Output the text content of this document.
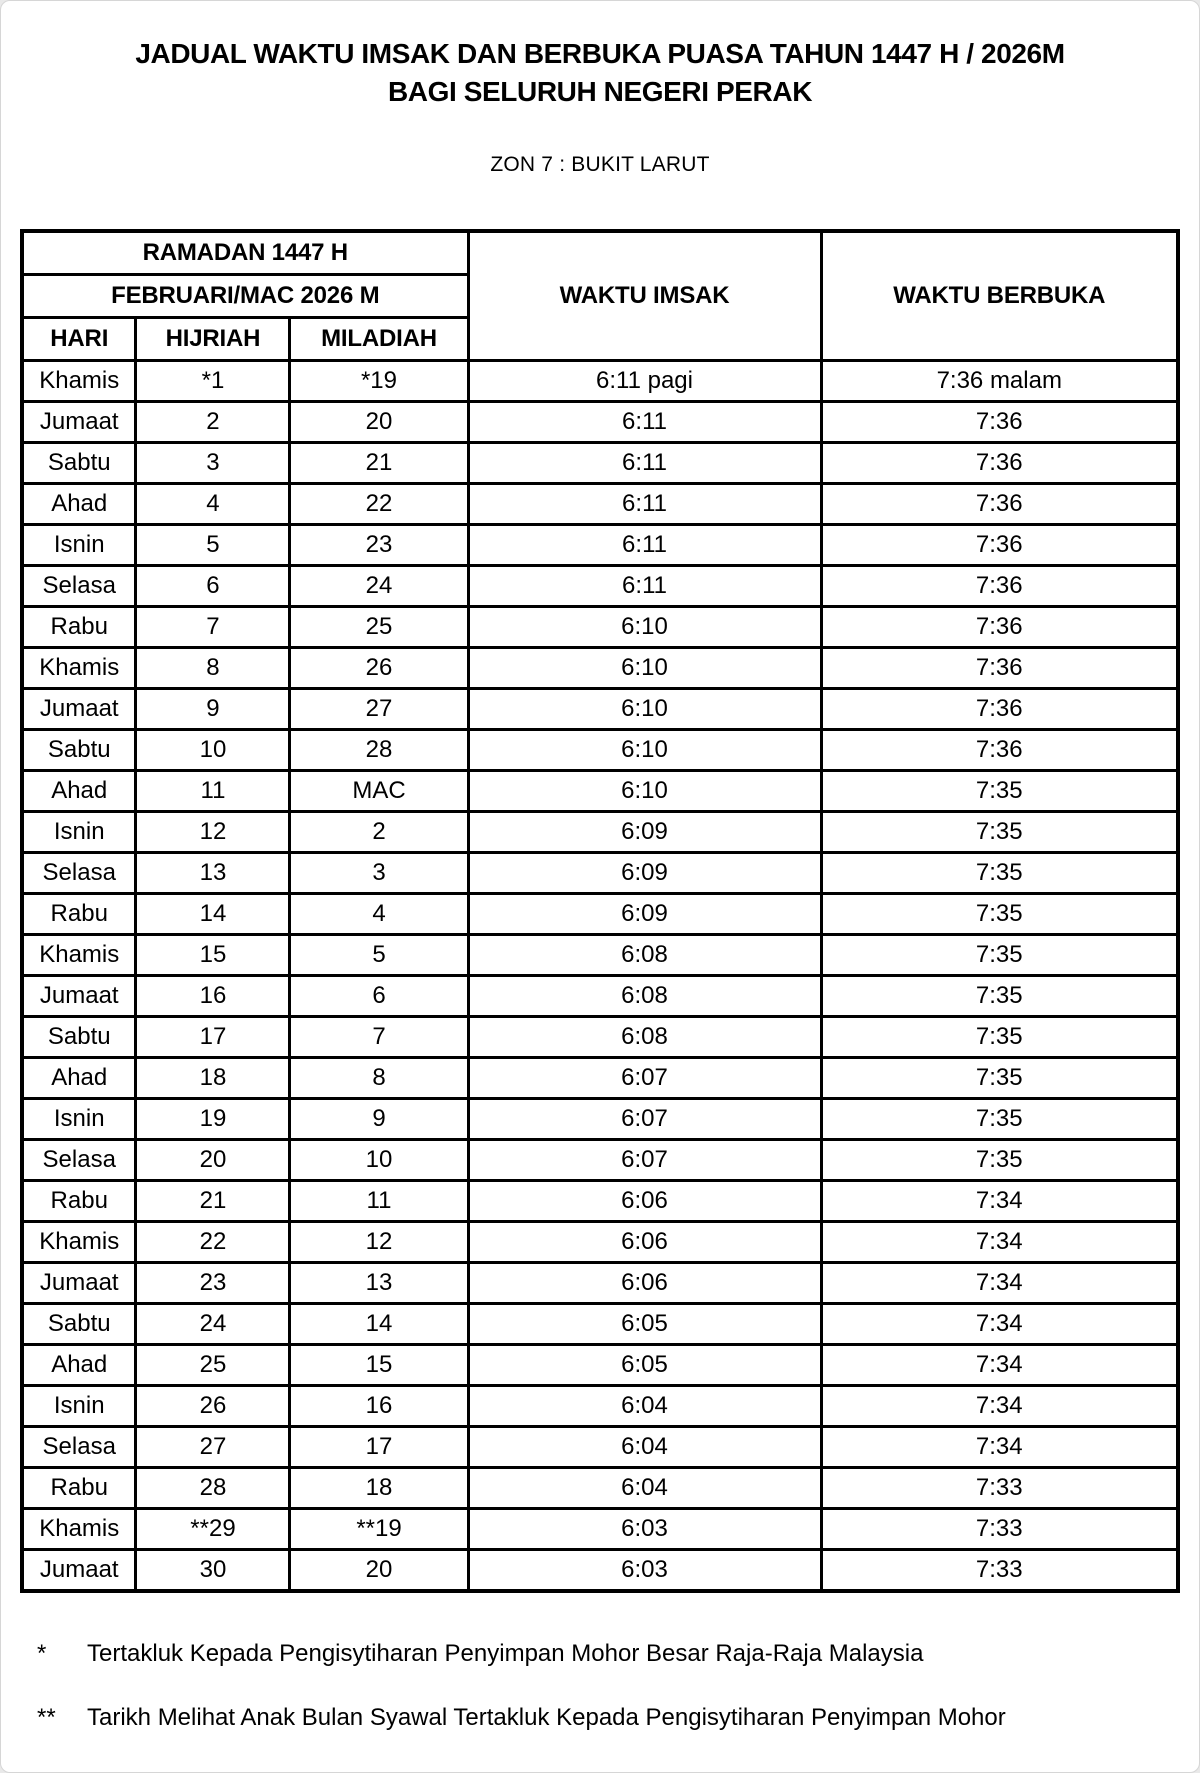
JADUAL WAKTU IMSAK DAN BERBUKA PUASA TAHUN 1447 H / 2026M
BAGI SELURUH NEGERI PERAK
ZON 7 : BUKIT LARUT
RAMADAN 1447 H			WAKTU IMSAK	WAKTU BERBUKA
FEBRUARI/MAC 2026 M				
HARI	HIJRIAH	MILADIAH		
Khamis	*1	*19	6:11 pagi	7:36 malam
Jumaat	2	20	6:11	7:36
Sabtu	3	21	6:11	7:36
Ahad	4	22	6:11	7:36
Isnin	5	23	6:11	7:36
Selasa	6	24	6:11	7:36
Rabu	7	25	6:10	7:36
Khamis	8	26	6:10	7:36
Jumaat	9	27	6:10	7:36
Sabtu	10	28	6:10	7:36
Ahad	11	MAC	6:10	7:35
Isnin	12	2	6:09	7:35
Selasa	13	3	6:09	7:35
Rabu	14	4	6:09	7:35
Khamis	15	5	6:08	7:35
Jumaat	16	6	6:08	7:35
Sabtu	17	7	6:08	7:35
Ahad	18	8	6:07	7:35
Isnin	19	9	6:07	7:35
Selasa	20	10	6:07	7:35
Rabu	21	11	6:06	7:34
Khamis	22	12	6:06	7:34
Jumaat	23	13	6:06	7:34
Sabtu	24	14	6:05	7:34
Ahad	25	15	6:05	7:34
Isnin	26	16	6:04	7:34
Selasa	27	17	6:04	7:34
Rabu	28	18	6:04	7:33
Khamis	**29	**19	6:03	7:33
Jumaat	30	20	6:03	7:33
*	Tertakluk Kepada Pengisytiharan Penyimpan Mohor Besar Raja-Raja Malaysia
**	Tarikh Melihat Anak Bulan Syawal Tertakluk Kepada Pengisytiharan Penyimpan Mohor
